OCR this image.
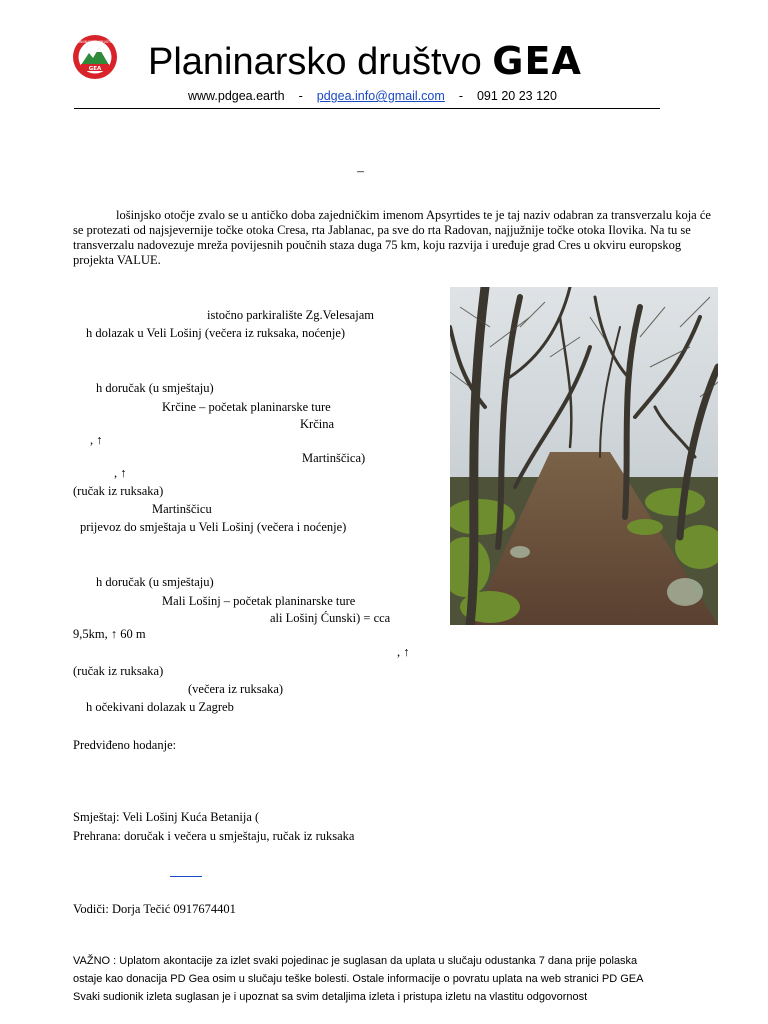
GEA
PLANINARSKO DRUŠTVO Planinarsko društvo GEA
www.pdgea.earth - pdgea.info@gmail.com - 091 20 23 120
–
lošinjsko otočje zvalo se u antičko doba zajedničkim imenom Apsyrtides te je taj naziv odabran za transverzalu koja će se protezati od najsjevernije točke otoka Cresa, rta Jablanac, pa sve do rta Radovan, najjužnije točke otoka Ilovika. Na tu se transverzalu nadovezuje mreža povijesnih poučnih staza duga 75 km, koju razvija i uređuje grad Cres u okviru europskog projekta VALUE.
istočno parkiralište Zg.Velesajam
h dolazak u Veli Lošinj (večera iz ruksaka, noćenje)
h doručak (u smještaju)
Krčine – početak planinarske ture
Krčina
, ↑
Martinščica)
, ↑
(ručak iz ruksaka)
Martinščicu
prijevoz do smještaja u Veli Lošinj (večera i noćenje)
h doručak (u smještaju)
Mali Lošinj – početak planinarske ture
ali Lošinj Ćunski) = cca
9,5km, ↑ 60 m
, ↑
(ručak iz ruksaka)
(večera iz ruksaka)
h očekivani dolazak u Zagreb
Predviđeno hodanje:
Smještaj: Veli Lošinj Kuća Betanija (
Prehrana: doručak i večera u smještaju, ručak iz ruksaka
Vodiči: Dorja Tečić 0917674401
VAŽNO : Uplatom akontacije za izlet svaki pojedinac je suglasan da uplata u slučaju odustanka 7 dana prije polaska
ostaje kao donacija PD Gea osim u slučaju teške bolesti. Ostale informacije o povratu uplata na web stranici PD GEA
Svaki sudionik izleta suglasan je i upoznat sa svim detaljima izleta i pristupa izletu na vlastitu odgovornost
